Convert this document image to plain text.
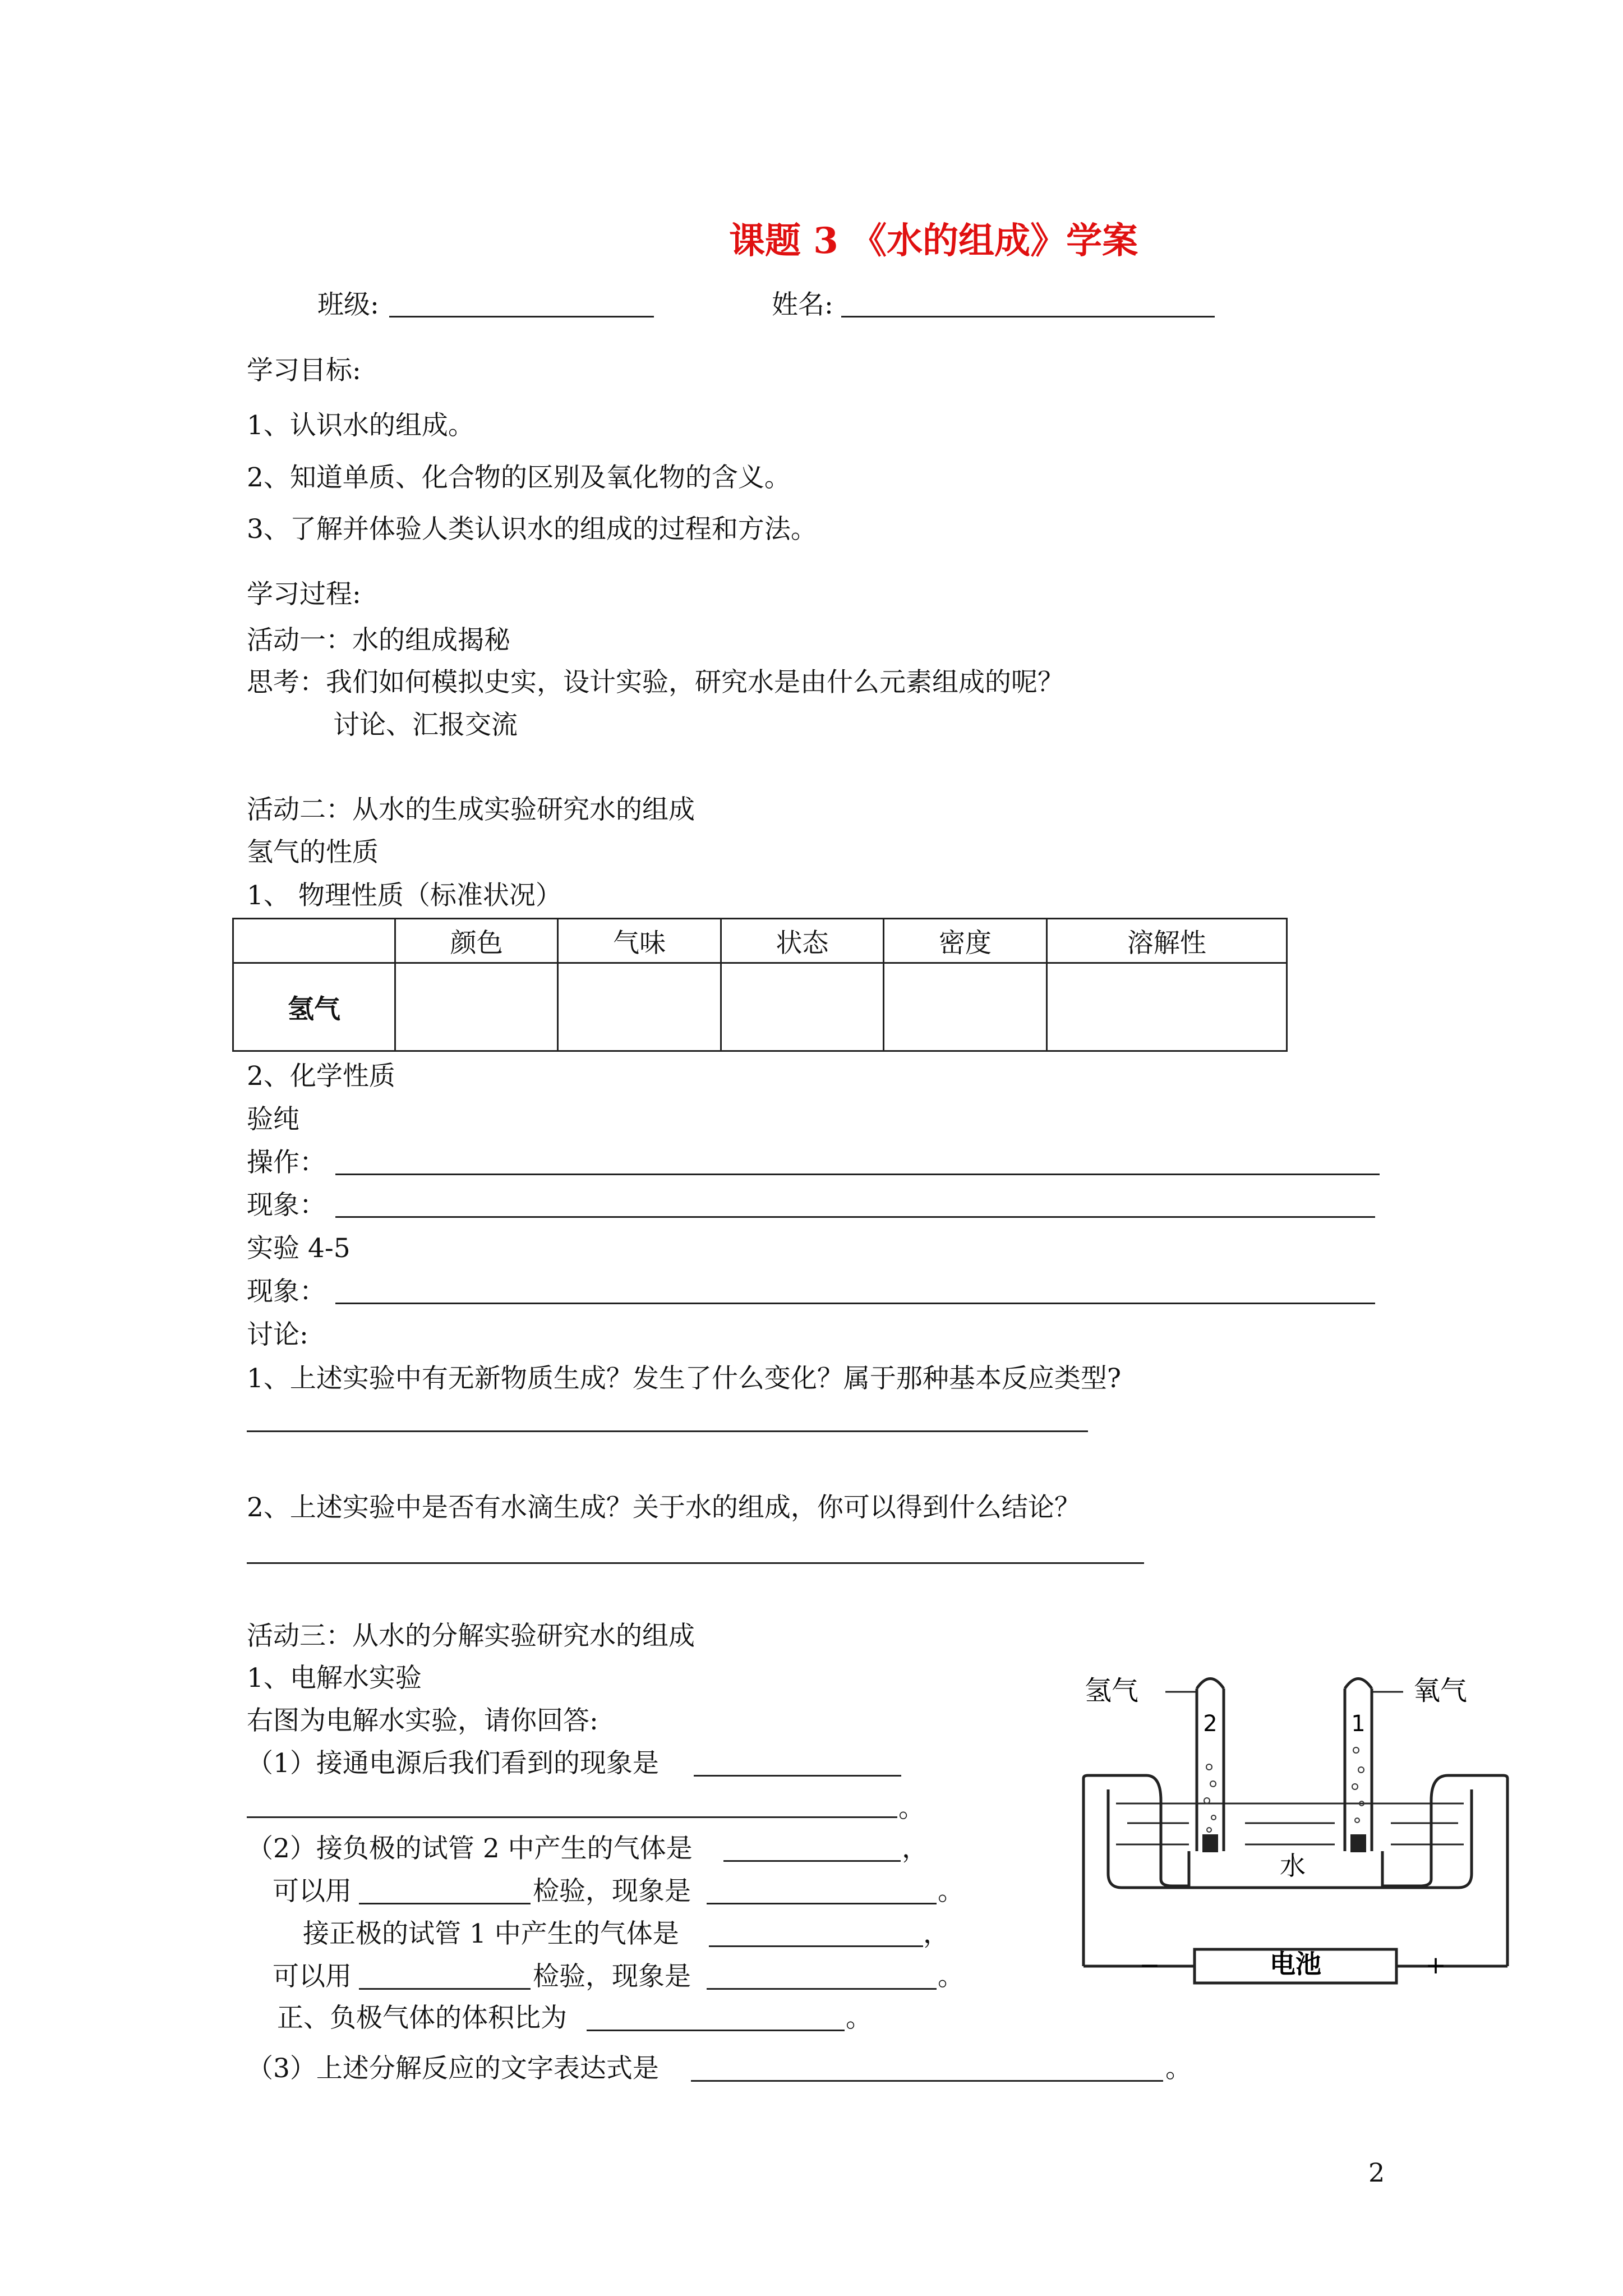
课题 3 《水的组成》学案
班级:	姓名:
学习目标:
1、认识水的组成。
2、知道单质、化合物的区别及氧化物的含义。
3、了解并体验人类认识水的组成的过程和方法。
学习过程:
活动一：水的组成揭秘
思考：我们如何模拟史实，设计实验，研究水是由什么元素组成的呢？
讨论、汇报交流
活动二：从水的生成实验研究水的组成
氢气的性质
1、 物理性质（标准状况）
	颜色	气味	状态	密度	溶解性
氢气					
2、化学性质
验纯
操作：
现象：
实验 4-5
现象：
讨论:
1、上述实验中有无新物质生成？发生了什么变化？属于那种基本反应类型?
2、上述实验中是否有水滴生成？关于水的组成，你可以得到什么结论？
活动三：从水的分解实验研究水的组成
1、电解水实验
右图为电解水实验，请你回答:
（1）接通电源后我们看到的现象是
。
（2）接负极的试管 2 中产生的气体是	，
可以用	检验，现象是	。
接正极的试管 1 中产生的气体是	，
可以用	检验，现象是	。
正、负极气体的体积比为	。
（3）上述分解反应的文字表达式是	。
电池
−	+
氢气	氧气
2	1
水
2
